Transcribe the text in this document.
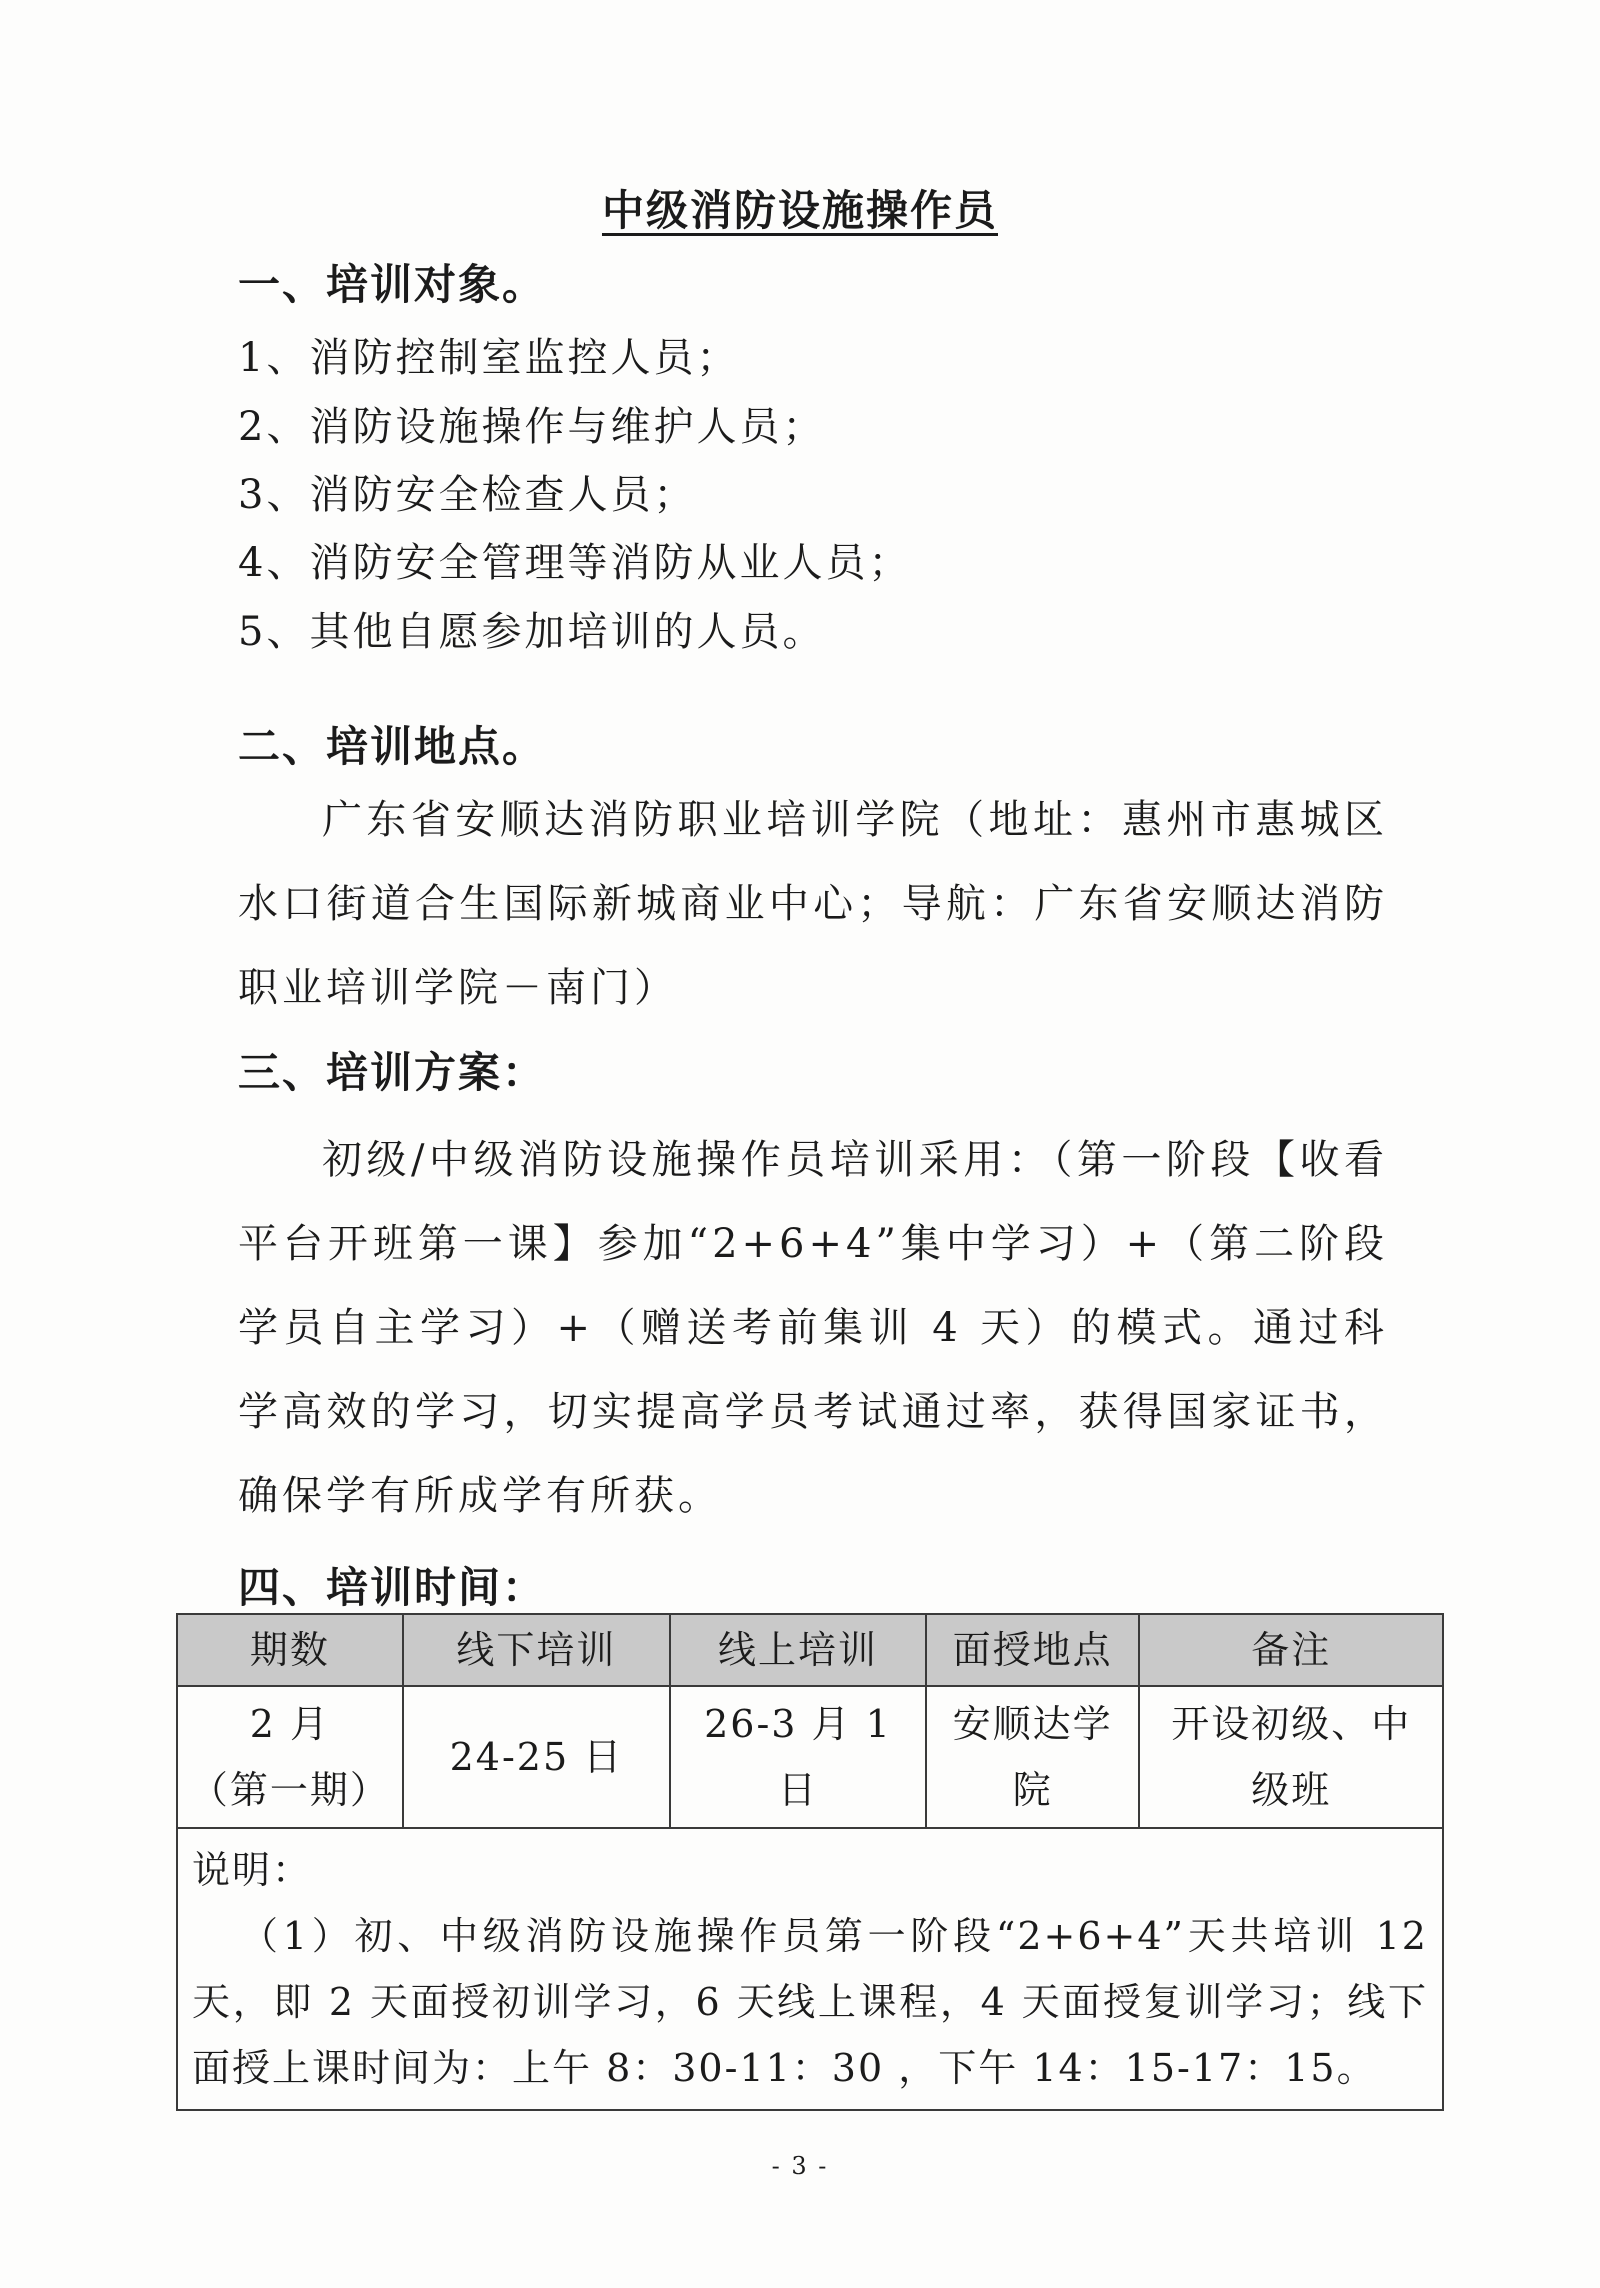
中级消防设施操作员
一、培训对象。
1、消防控制室监控人员；
2、消防设施操作与维护人员；
3、消防安全检查人员；
4、消防安全管理等消防从业人员；
5、其他自愿参加培训的人员。
二、培训地点。
广东省安顺达消防职业培训学院（地址：惠州市惠城区水口街道合生国际新城商业中心；导航：广东省安顺达消防职业培训学院－南门）
三、培训方案：
初级/中级消防设施操作员培训采用：（第一阶段【收看平台开班第一课】参加“2+6+4”集中学习）+（第二阶段学员自主学习）+（赠送考前集训 4 天）的模式。通过科学高效的学习，切实提高学员考试通过率，获得国家证书，确保学有所成学有所获。
四、培训时间：
期数	线下培训	线上培训	面授地点	备注

2 月
（第一期）	24-25 日	26-3 月 1 日	安顺达学院	开设初级、中级班

说明：
（1）初、中级消防设施操作员第一阶段“2+6+4”天共培训 12 天，即 2 天面授初训学习，6 天线上课程，4 天面授复训学习；线下面授上课时间为：上午 8：30-11：30 ，下午 14：15-17：15。				
- 3 -
